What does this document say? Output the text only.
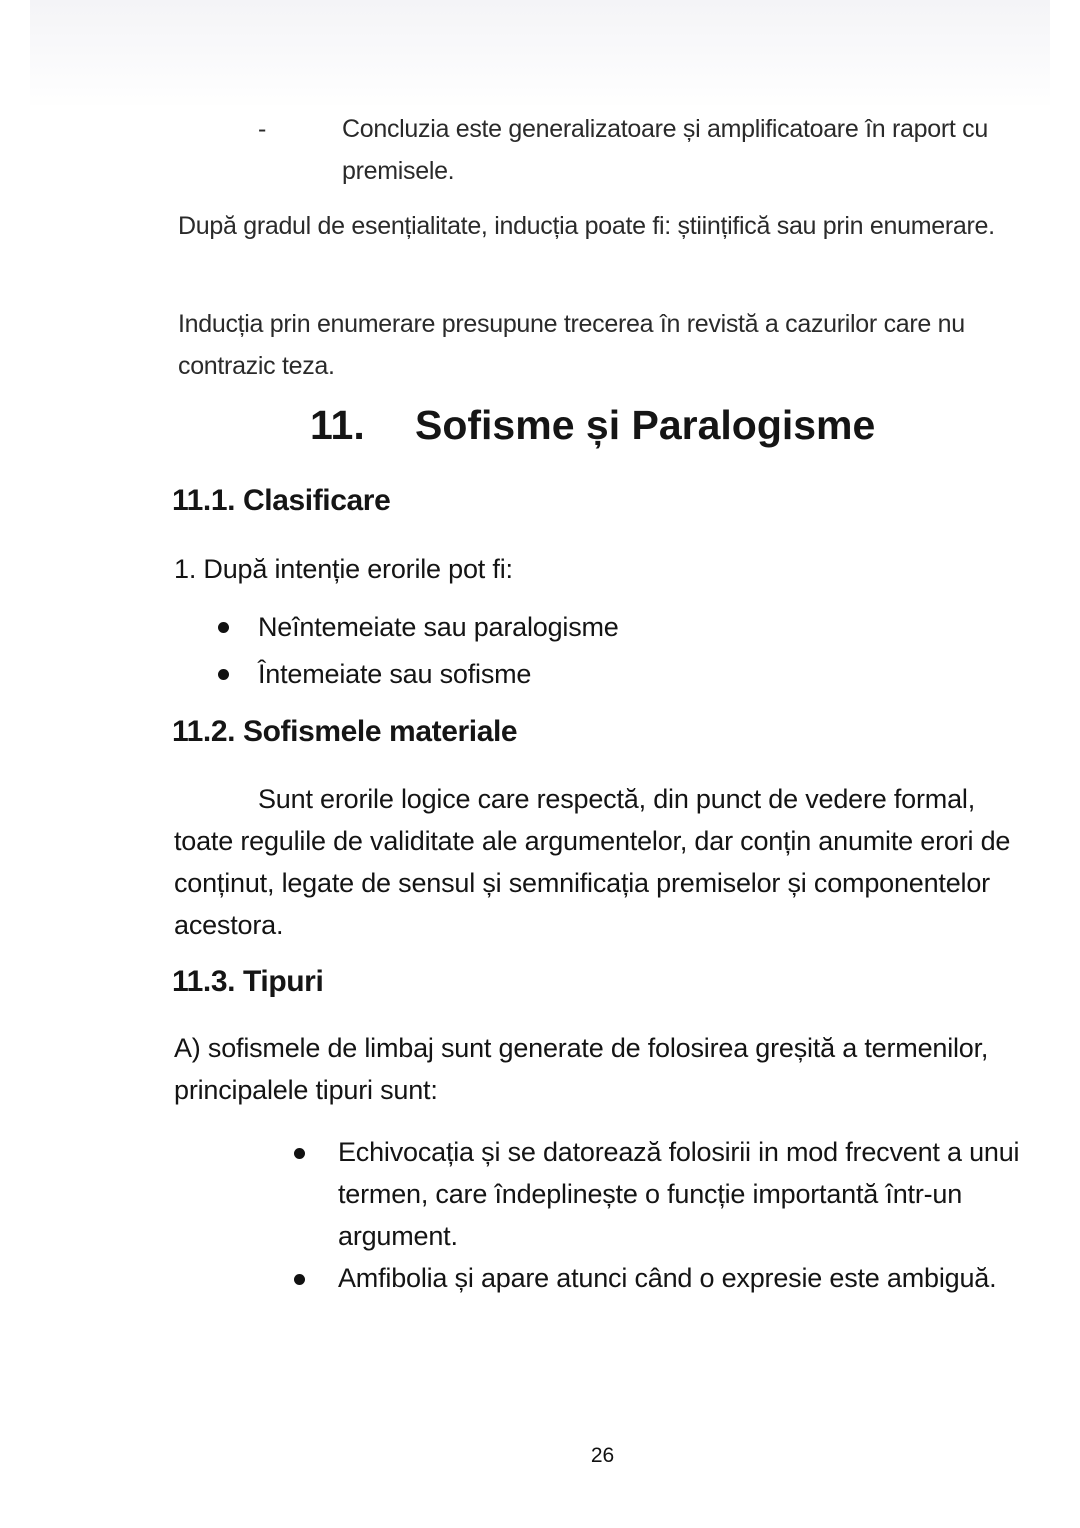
-	Concluzia este generalizatoare și amplificatoare în raport cu premisele.

După gradul de esențialitate, inducția poate fi: științifică sau prin enumerare.

Inducția prin enumerare presupune trecerea în revistă a cazurilor care nu contrazic teza.

11. Sofisme și Paralogisme
11.1. Clasificare

1. După intenție erorile pot fi:

Neîntemeiate sau paralogisme
Întemeiate sau sofisme
11.2. Sofismele materiale

Sunt erorile logice care respectă, din punct de vedere formal, toate regulile de validitate ale argumentelor, dar conțin anumite erori de conținut, legate de sensul și semnificația premiselor și componentelor acestora.

11.3. Tipuri

A) sofismele de limbaj sunt generate de folosirea greșită a termenilor, principalele tipuri sunt:

Echivocația și se datorează folosirii in mod frecvent a unui termen, care îndeplinește o funcție importantă într-un argument.
Amfibolia și apare atunci când o expresie este ambiguă.
26
